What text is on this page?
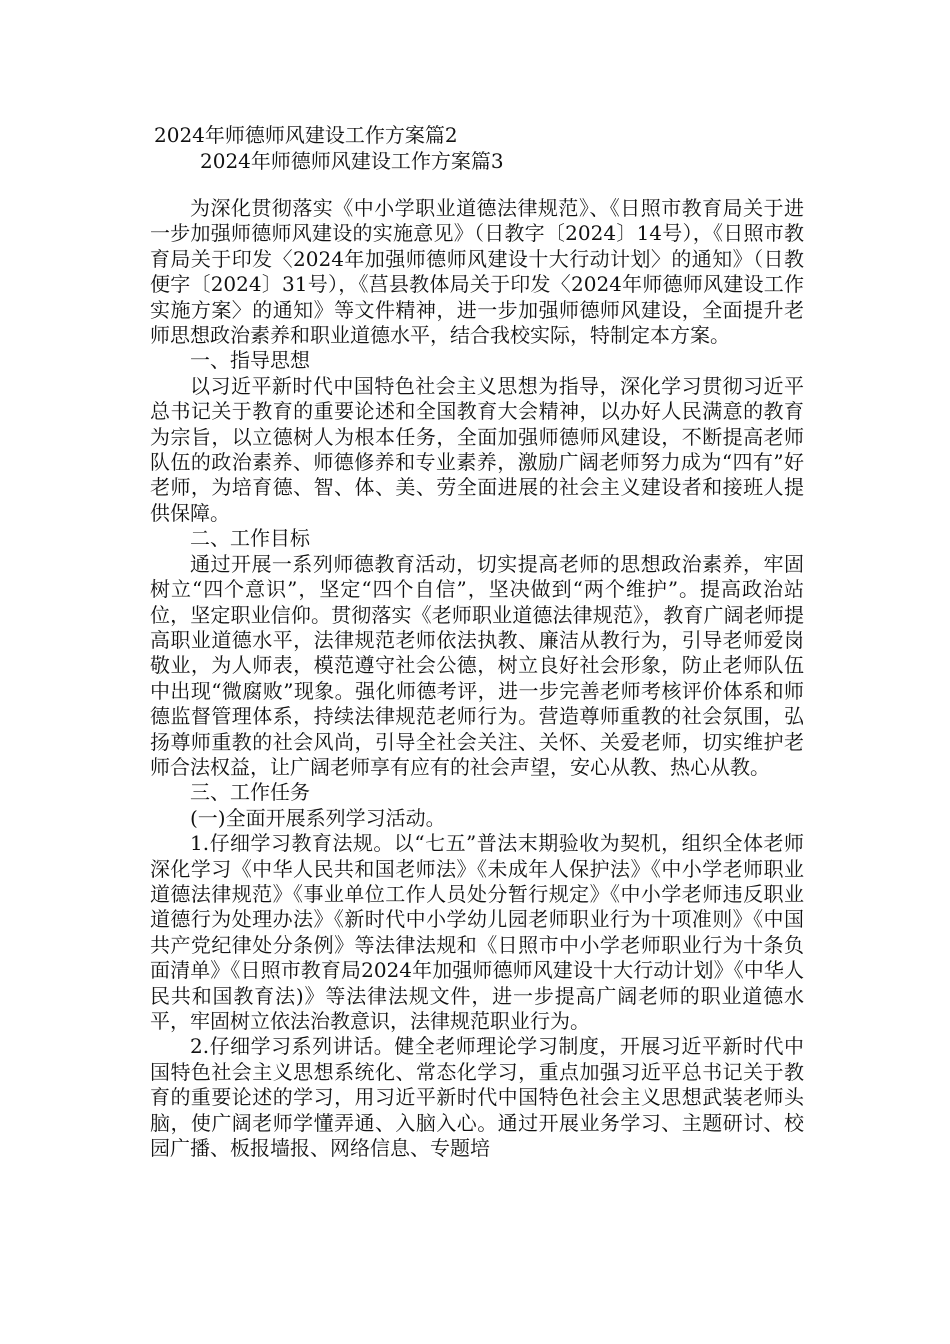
2024年师德师风建设工作方案篇2
2024年师德师风建设工作方案篇3

为深化贯彻落实《中小学职业道德法律规范》、《日照市教育局关于进一步加强师德师风建设的实施意见》（日教字〔2024〕14号），《日照市教育局关于印发〈2024年加强师德师风建设十大行动计划〉的通知》（日教便字〔2024〕31号），《莒县教体局关于印发〈2024年师德师风建设工作实施方案〉的通知》等文件精神，进一步加强师德师风建设，全面提升老师思想政治素养和职业道德水平，结合我校实际，特制定本方案。

一、指导思想

以习近平新时代中国特色社会主义思想为指导，深化学习贯彻习近平总书记关于教育的重要论述和全国教育大会精神，以办好人民满意的教育为宗旨，以立德树人为根本任务，全面加强师德师风建设，不断提高老师队伍的政治素养、师德修养和专业素养，激励广阔老师努力成为“四有”好老师，为培育德、智、体、美、劳全面进展的社会主义建设者和接班人提供保障。

二、工作目标

通过开展一系列师德教育活动，切实提高老师的思想政治素养，牢固树立“四个意识”，坚定“四个自信”，坚决做到“两个维护”。提高政治站位，坚定职业信仰。贯彻落实《老师职业道德法律规范》，教育广阔老师提高职业道德水平，法律规范老师依法执教、廉洁从教行为，引导老师爱岗敬业，为人师表，模范遵守社会公德，树立良好社会形象，防止老师队伍中出现“微腐败”现象。强化师德考评，进一步完善老师考核评价体系和师德监督管理体系，持续法律规范老师行为。营造尊师重教的社会氛围，弘扬尊师重教的社会风尚，引导全社会关注、关怀、关爱老师，切实维护老师合法权益，让广阔老师享有应有的社会声望，安心从教、热心从教。

三、工作任务

(一)全面开展系列学习活动。

1.仔细学习教育法规。以“七五”普法末期验收为契机，组织全体老师深化学习《中华人民共和国老师法》《未成年人保护法》《中小学老师职业道德法律规范》《事业单位工作人员处分暂行规定》《中小学老师违反职业道德行为处理办法》《新时代中小学幼儿园老师职业行为十项准则》《中国共产党纪律处分条例》等法律法规和《日照市中小学老师职业行为十条负面清单》《日照市教育局2024年加强师德师风建设十大行动计划》《中华人民共和国教育法)》等法律法规文件，进一步提高广阔老师的职业道德水平，牢固树立依法治教意识，法律规范职业行为。

2.仔细学习系列讲话。健全老师理论学习制度，开展习近平新时代中国特色社会主义思想系统化、常态化学习，重点加强习近平总书记关于教育的重要论述的学习，用习近平新时代中国特色社会主义思想武装老师头脑，使广阔老师学懂弄通、入脑入心。通过开展业务学习、主题研讨、校园广播、板报墙报、网络信息、专题培
